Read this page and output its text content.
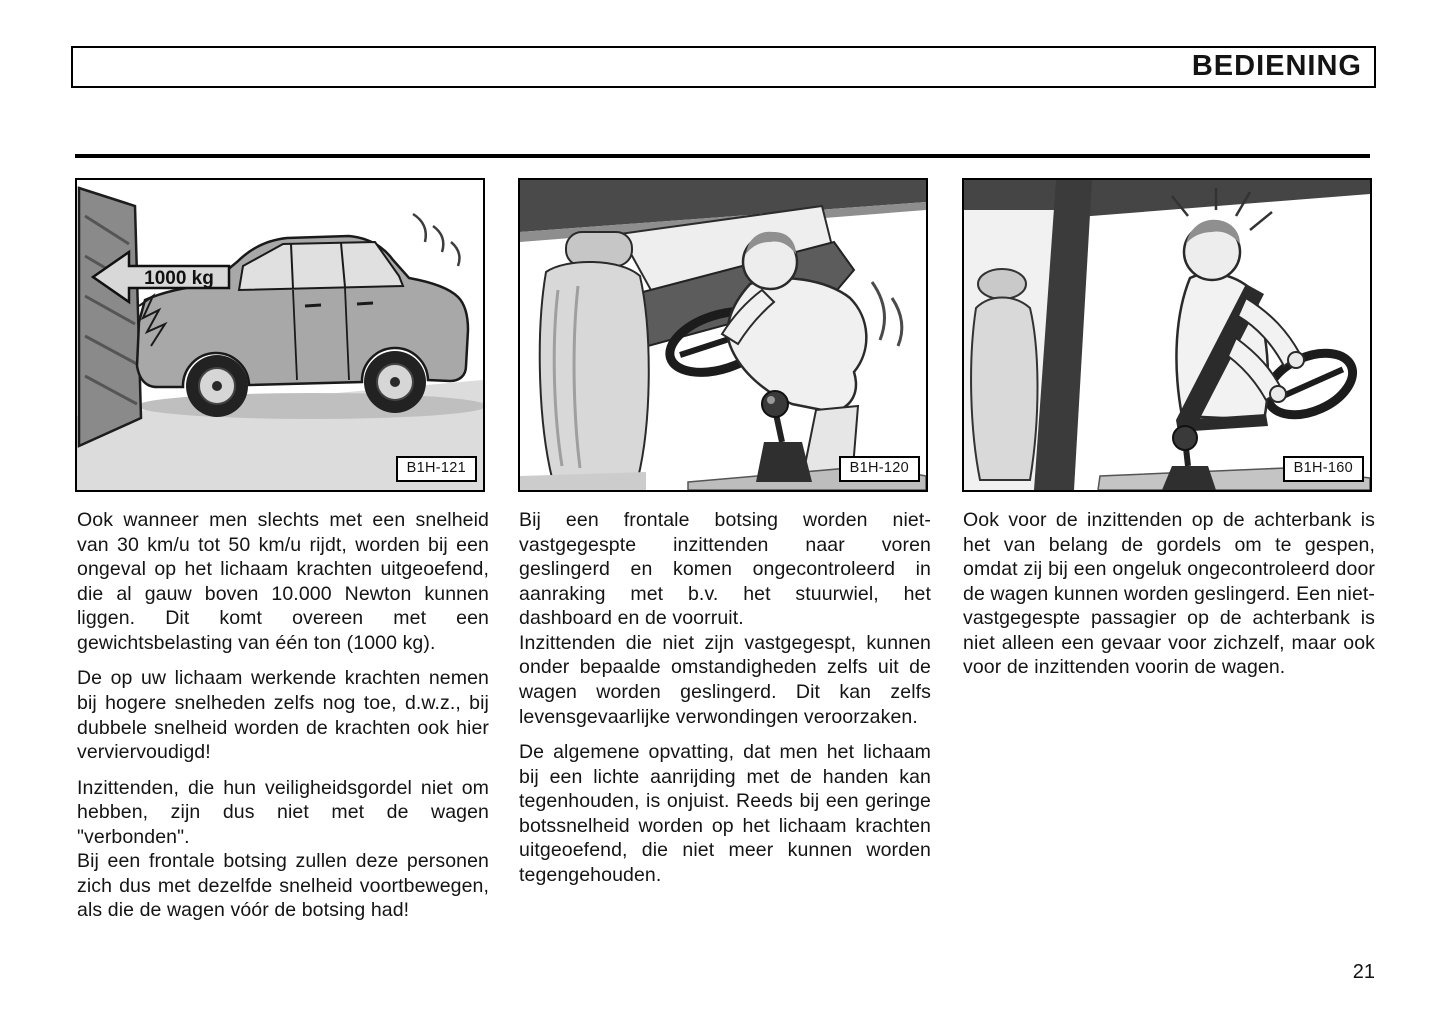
BEDIENING
1000 kg
B1H-121	B1H-120	B1H-160

Ook wanneer men slechts met een snelheid van 30 km/u tot 50 km/u rijdt, worden bij een ongeval op het lichaam krachten uitgeoefend, die al gauw boven 10.000 Newton kunnen liggen. Dit komt overeen met een gewichtsbelasting van één ton (1000 kg).

De op uw lichaam werkende krachten nemen bij hogere snelheden zelfs nog toe, d.w.z., bij dubbele snelheid worden de krachten ook hier verviervoudigd!

Inzittenden, die hun veiligheidsgordel niet om hebben, zijn dus niet met de wagen "verbonden".

Bij een frontale botsing zullen deze personen zich dus met dezelfde snelheid voortbewegen, als die de wagen vóór de botsing had!

Bij een frontale botsing worden niet-vastgegespte inzittenden naar voren geslingerd en komen ongecontroleerd in aanraking met b.v. het stuurwiel, het dashboard en de voorruit.

Inzittenden die niet zijn vastgegespt, kunnen onder bepaalde omstandigheden zelfs uit de wagen worden geslingerd. Dit kan zelfs levensgevaarlijke verwondingen veroorzaken.

De algemene opvatting, dat men het lichaam bij een lichte aanrijding met de handen kan tegenhouden, is onjuist. Reeds bij een geringe botssnelheid worden op het lichaam krachten uitgeoefend, die niet meer kunnen worden tegengehouden.

Ook voor de inzittenden op de achterbank is het van belang de gordels om te gespen, omdat zij bij een ongeluk ongecontroleerd door de wagen kunnen worden geslingerd. Een niet-vastgegespte passagier op de achterbank is niet alleen een gevaar voor zichzelf, maar ook voor de inzittenden voorin de wagen.

21
